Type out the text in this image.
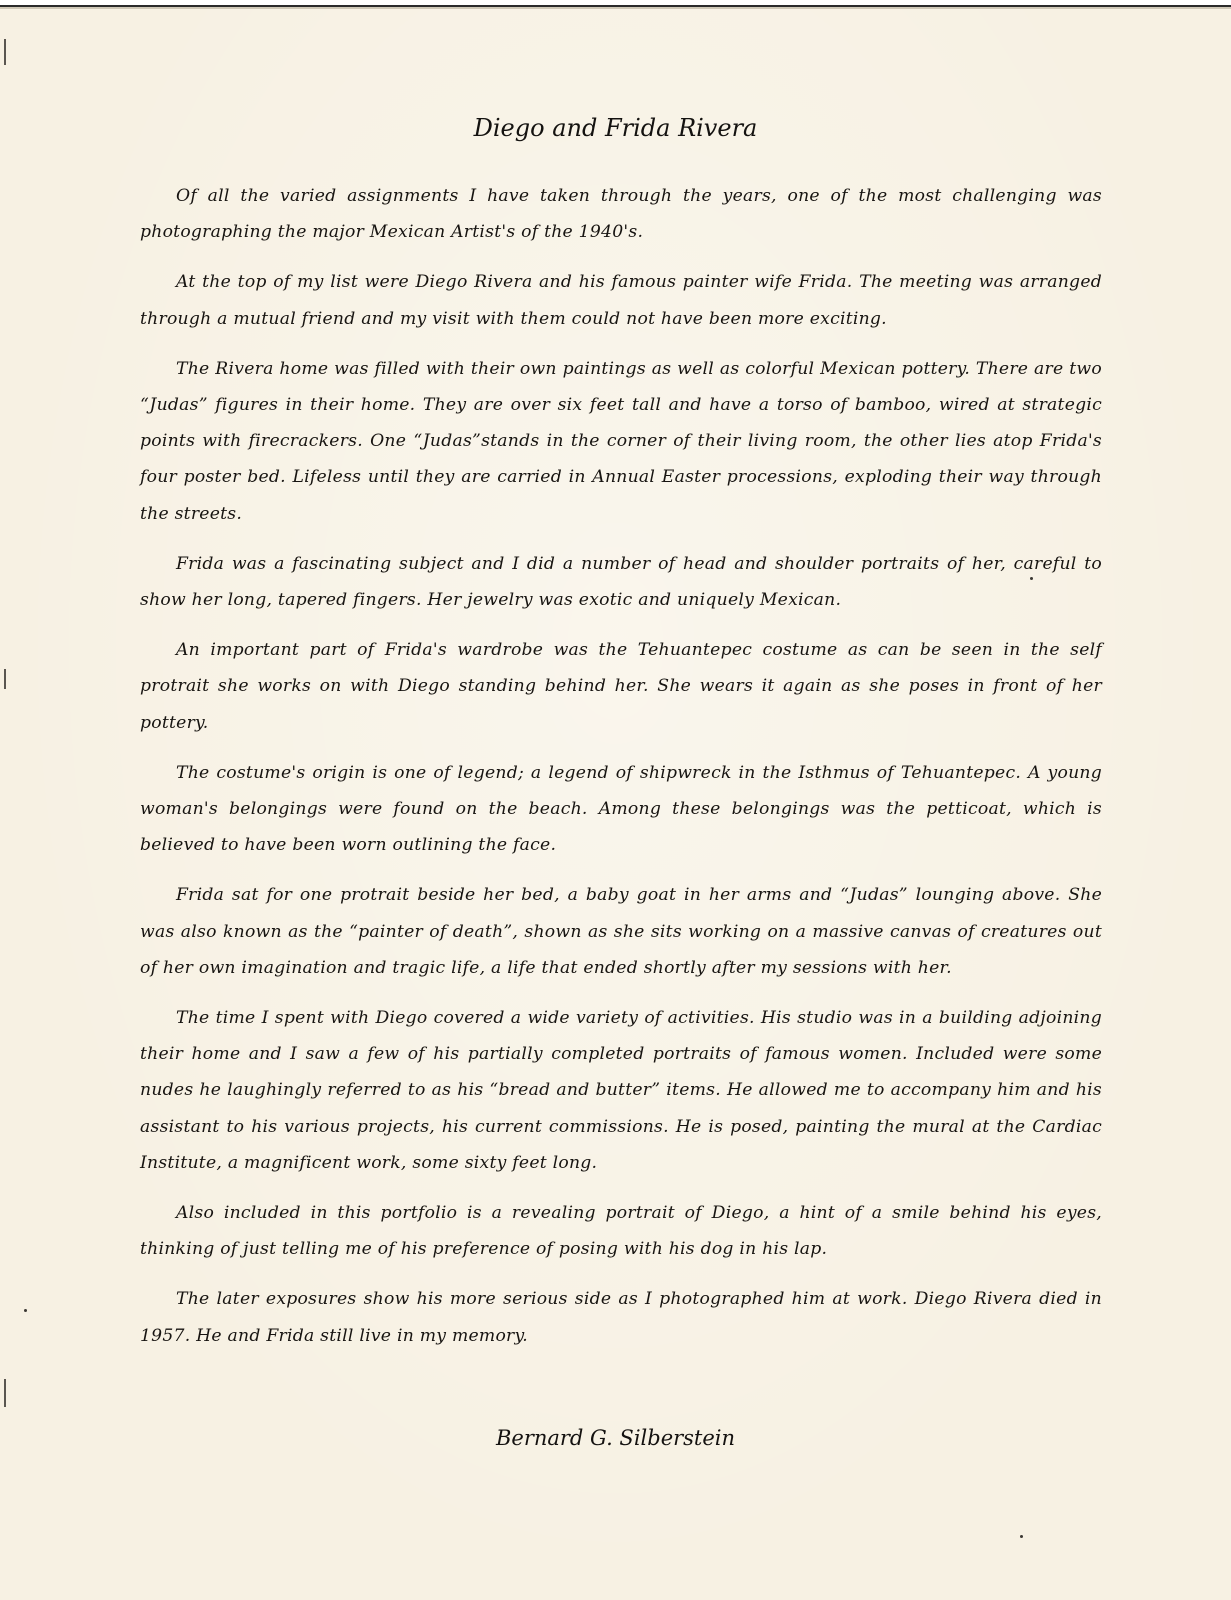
Diego and Frida Rivera

Of all the varied assignments I have taken through the years, one of the most challenging was photographing the major Mexican Artist's of the 1940's.

At the top of my list were Diego Rivera and his famous painter wife Frida. The meeting was arranged through a mutual friend and my visit with them could not have been more exciting.

The Rivera home was filled with their own paintings as well as colorful Mexican pottery. There are two “Judas” figures in their home. They are over six feet tall and have a torso of bamboo, wired at strategic points with firecrackers. One “Judas”stands in the corner of their living room, the other lies atop Frida's four poster bed. Lifeless until they are carried in Annual Easter processions, exploding their way through the streets.

Frida was a fascinating subject and I did a number of head and shoulder portraits of her, careful to show her long, tapered fingers. Her jewelry was exotic and uniquely Mexican.

An important part of Frida's wardrobe was the Tehuantepec costume as can be seen in the self protrait she works on with Diego standing behind her. She wears it again as she poses in front of her pottery.

The costume's origin is one of legend; a legend of shipwreck in the Isthmus of Tehuantepec. A young woman's belongings were found on the beach. Among these belongings was the petticoat, which is believed to have been worn outlining the face.

Frida sat for one protrait beside her bed, a baby goat in her arms and “Judas” lounging above. She was also known as the “painter of death”, shown as she sits working on a massive canvas of creatures out of her own imagination and tragic life, a life that ended shortly after my sessions with her.

The time I spent with Diego covered a wide variety of activities. His studio was in a building adjoining their home and I saw a few of his partially completed portraits of famous women. Included were some nudes he laughingly referred to as his “bread and butter” items. He allowed me to accompany him and his assistant to his various projects, his current commissions. He is posed, painting the mural at the Cardiac Institute, a magnificent work, some sixty feet long.

Also included in this portfolio is a revealing portrait of Diego, a hint of a smile behind his eyes, thinking of just telling me of his preference of posing with his dog in his lap.

The later exposures show his more serious side as I photographed him at work. Diego Rivera died in 1957. He and Frida still live in my memory.

Bernard G. Silberstein
